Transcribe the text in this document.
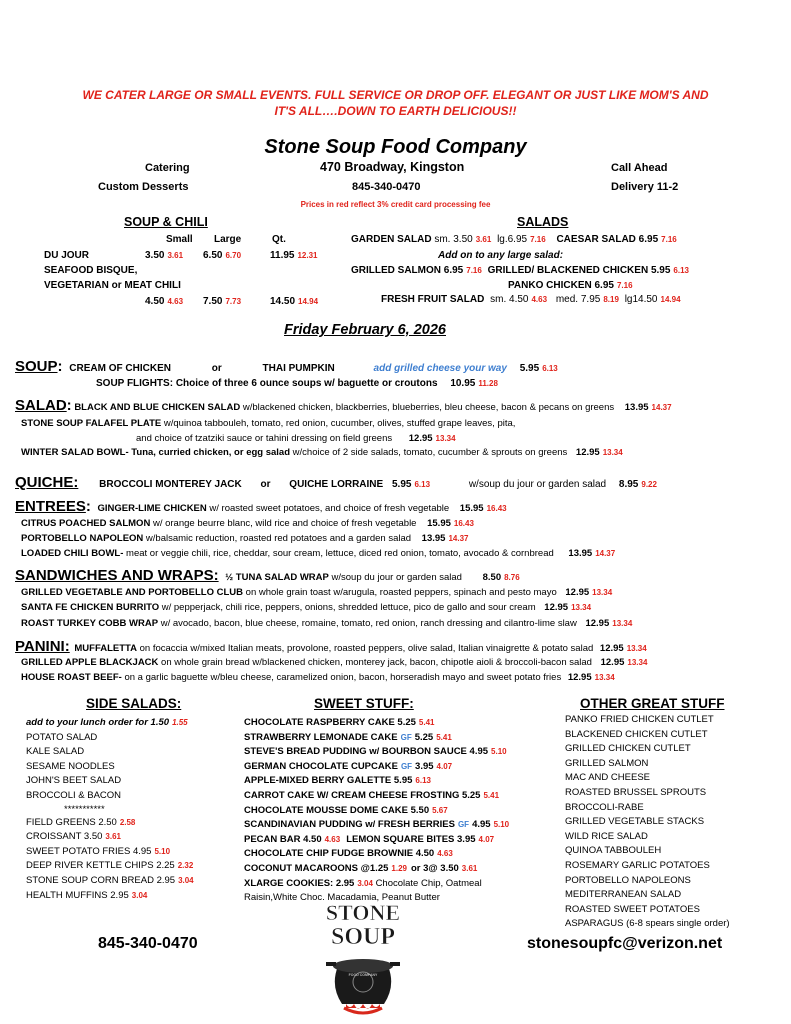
WE CATER LARGE OR SMALL EVENTS. FULL SERVICE OR DROP OFF. ELEGANT OR JUST LIKE MOM'S AND
IT'S ALL….DOWN TO EARTH DELICIOUS!!
Stone Soup Food Company
Catering
Custom Desserts
470 Broadway, Kingston
845-340-0470
Call Ahead
Delivery 11-2
Prices in red reflect 3% credit card processing fee
SOUP & CHILI
Small Large	Qt.
DU JOUR	3.50 3.61 6.50 6.70	11.95 12.31
SEAFOOD BISQUE,
VEGETARIAN or MEAT CHILI
4.50 4.63 7.50 7.73	14.50 14.94
SALADS
GARDEN SALAD sm. 3.50 3.61 lg.6.95 7.16 CAESAR SALAD 6.95 7.16
Add on to any large salad:
GRILLED SALMON 6.95 7.16 GRILLED/ BLACKENED CHICKEN 5.95 6.13
PANKO CHICKEN 6.95 7.16
FRESH FRUIT SALAD sm. 4.50 4.63 med. 7.95 8.19 lg14.50 14.94
Friday February 6, 2026
SOUP: CREAM OF CHICKEN	or	THAI PUMPKIN	add grilled cheese your way 5.95 6.13
SOUP FLIGHTS: Choice of three 6 ounce soups w/ baguette or croutons 10.95 11.28
SALAD: BLACK AND BLUE CHICKEN SALAD w/blackened chicken, blackberries, blueberries, bleu cheese, bacon & pecans on greens 13.95 14.37
STONE SOUP FALAFEL PLATE w/quinoa tabbouleh, tomato, red onion, cucumber, olives, stuffed grape leaves, pita,
and choice of tzatziki sauce or tahini dressing on field greens 12.95 13.34
WINTER SALAD BOWL- Tuna, curried chicken, or egg salad w/choice of 2 side salads, tomato, cucumber & sprouts on greens 12.95 13.34
QUICHE: BROCCOLI MONTEREY JACK or QUICHE LORRAINE 5.95 6.13	w/soup du jour or garden salad 8.95 9.22
ENTREES: GINGER-LIME CHICKEN w/ roasted sweet potatoes, and choice of fresh vegetable 15.95 16.43
CITRUS POACHED SALMON w/ orange beurre blanc, wild rice and choice of fresh vegetable 15.95 16.43
PORTOBELLO NAPOLEON w/balsamic reduction, roasted red potatoes and a garden salad 13.95 14.37
LOADED CHILI BOWL- meat or veggie chili, rice, cheddar, sour cream, lettuce, diced red onion, tomato, avocado & cornbread 13.95 14.37
SANDWICHES AND WRAPS: ½ TUNA SALAD WRAP w/soup du jour or garden salad 8.50 8.76
GRILLED VEGETABLE AND PORTOBELLO CLUB on whole grain toast w/arugula, roasted peppers, spinach and pesto mayo 12.95 13.34
SANTA FE CHICKEN BURRITO w/ pepperjack, chili rice, peppers, onions, shredded lettuce, pico de gallo and sour cream 12.95 13.34
ROAST TURKEY COBB WRAP w/ avocado, bacon, blue cheese, romaine, tomato, red onion, ranch dressing and cilantro-lime slaw 12.95 13.34
PANINI: MUFFALETTA on focaccia w/mixed Italian meats, provolone, roasted peppers, olive salad, Italian vinaigrette & potato salad 12.95 13.34
GRILLED APPLE BLACKJACK on whole grain bread w/blackened chicken, monterey jack, bacon, chipotle aioli & broccoli-bacon salad 12.95 13.34
HOUSE ROAST BEEF- on a garlic baguette w/bleu cheese, caramelized onion, bacon, horseradish mayo and sweet potato fries 12.95 13.34
SIDE SALADS:	SWEET STUFF:	OTHER GREAT STUFF
add to your lunch order for 1.50 1.55
POTATO SALAD
KALE SALAD
SESAME NOODLES
JOHN'S BEET SALAD
BROCCOLI & BACON
***********
FIELD GREENS 2.50 2.58
CROISSANT 3.50 3.61
SWEET POTATO FRIES 4.95 5.10
DEEP RIVER KETTLE CHIPS 2.25 2.32
STONE SOUP CORN BREAD 2.95 3.04
HEALTH MUFFINS 2.95 3.04
CHOCOLATE RASPBERRY CAKE 5.25 5.41
STRAWBERRY LEMONADE CAKE GF 5.25 5.41
STEVE'S BREAD PUDDING w/ BOURBON SAUCE 4.95 5.10
GERMAN CHOCOLATE CUPCAKE GF 3.95 4.07
APPLE-MIXED BERRY GALETTE 5.95 6.13
CARROT CAKE W/ CREAM CHEESE FROSTING 5.25 5.41
CHOCOLATE MOUSSE DOME CAKE 5.50 5.67
SCANDINAVIAN PUDDING w/ FRESH BERRIES GF 4.95 5.10
PECAN BAR 4.50 4.63 LEMON SQUARE BITES 3.95 4.07
CHOCOLATE CHIP FUDGE BROWNIE 4.50 4.63
COCONUT MACAROONS @1.25 1.29 or 3@ 3.50 3.61
XLARGE COOKIES: 2.95 3.04 Chocolate Chip, Oatmeal
Raisin,White Choc. Macadamia, Peanut Butter
PANKO FRIED CHICKEN CUTLET
BLACKENED CHICKEN CUTLET
GRILLED CHICKEN CUTLET
GRILLED SALMON
MAC AND CHEESE
ROASTED BRUSSEL SPROUTS
BROCCOLI-RABE
GRILLED VEGETABLE STACKS
WILD RICE SALAD
QUINOA TABBOULEH
ROSEMARY GARLIC POTATOES
PORTOBELLO NAPOLEONS
MEDITERRANEAN SALAD
ROASTED SWEET POTATOES
ASPARAGUS (6-8 spears single order)
FOOD COMPANY
STONE
SOUP
845-340-0470	stonesoupfc@verizon.net
